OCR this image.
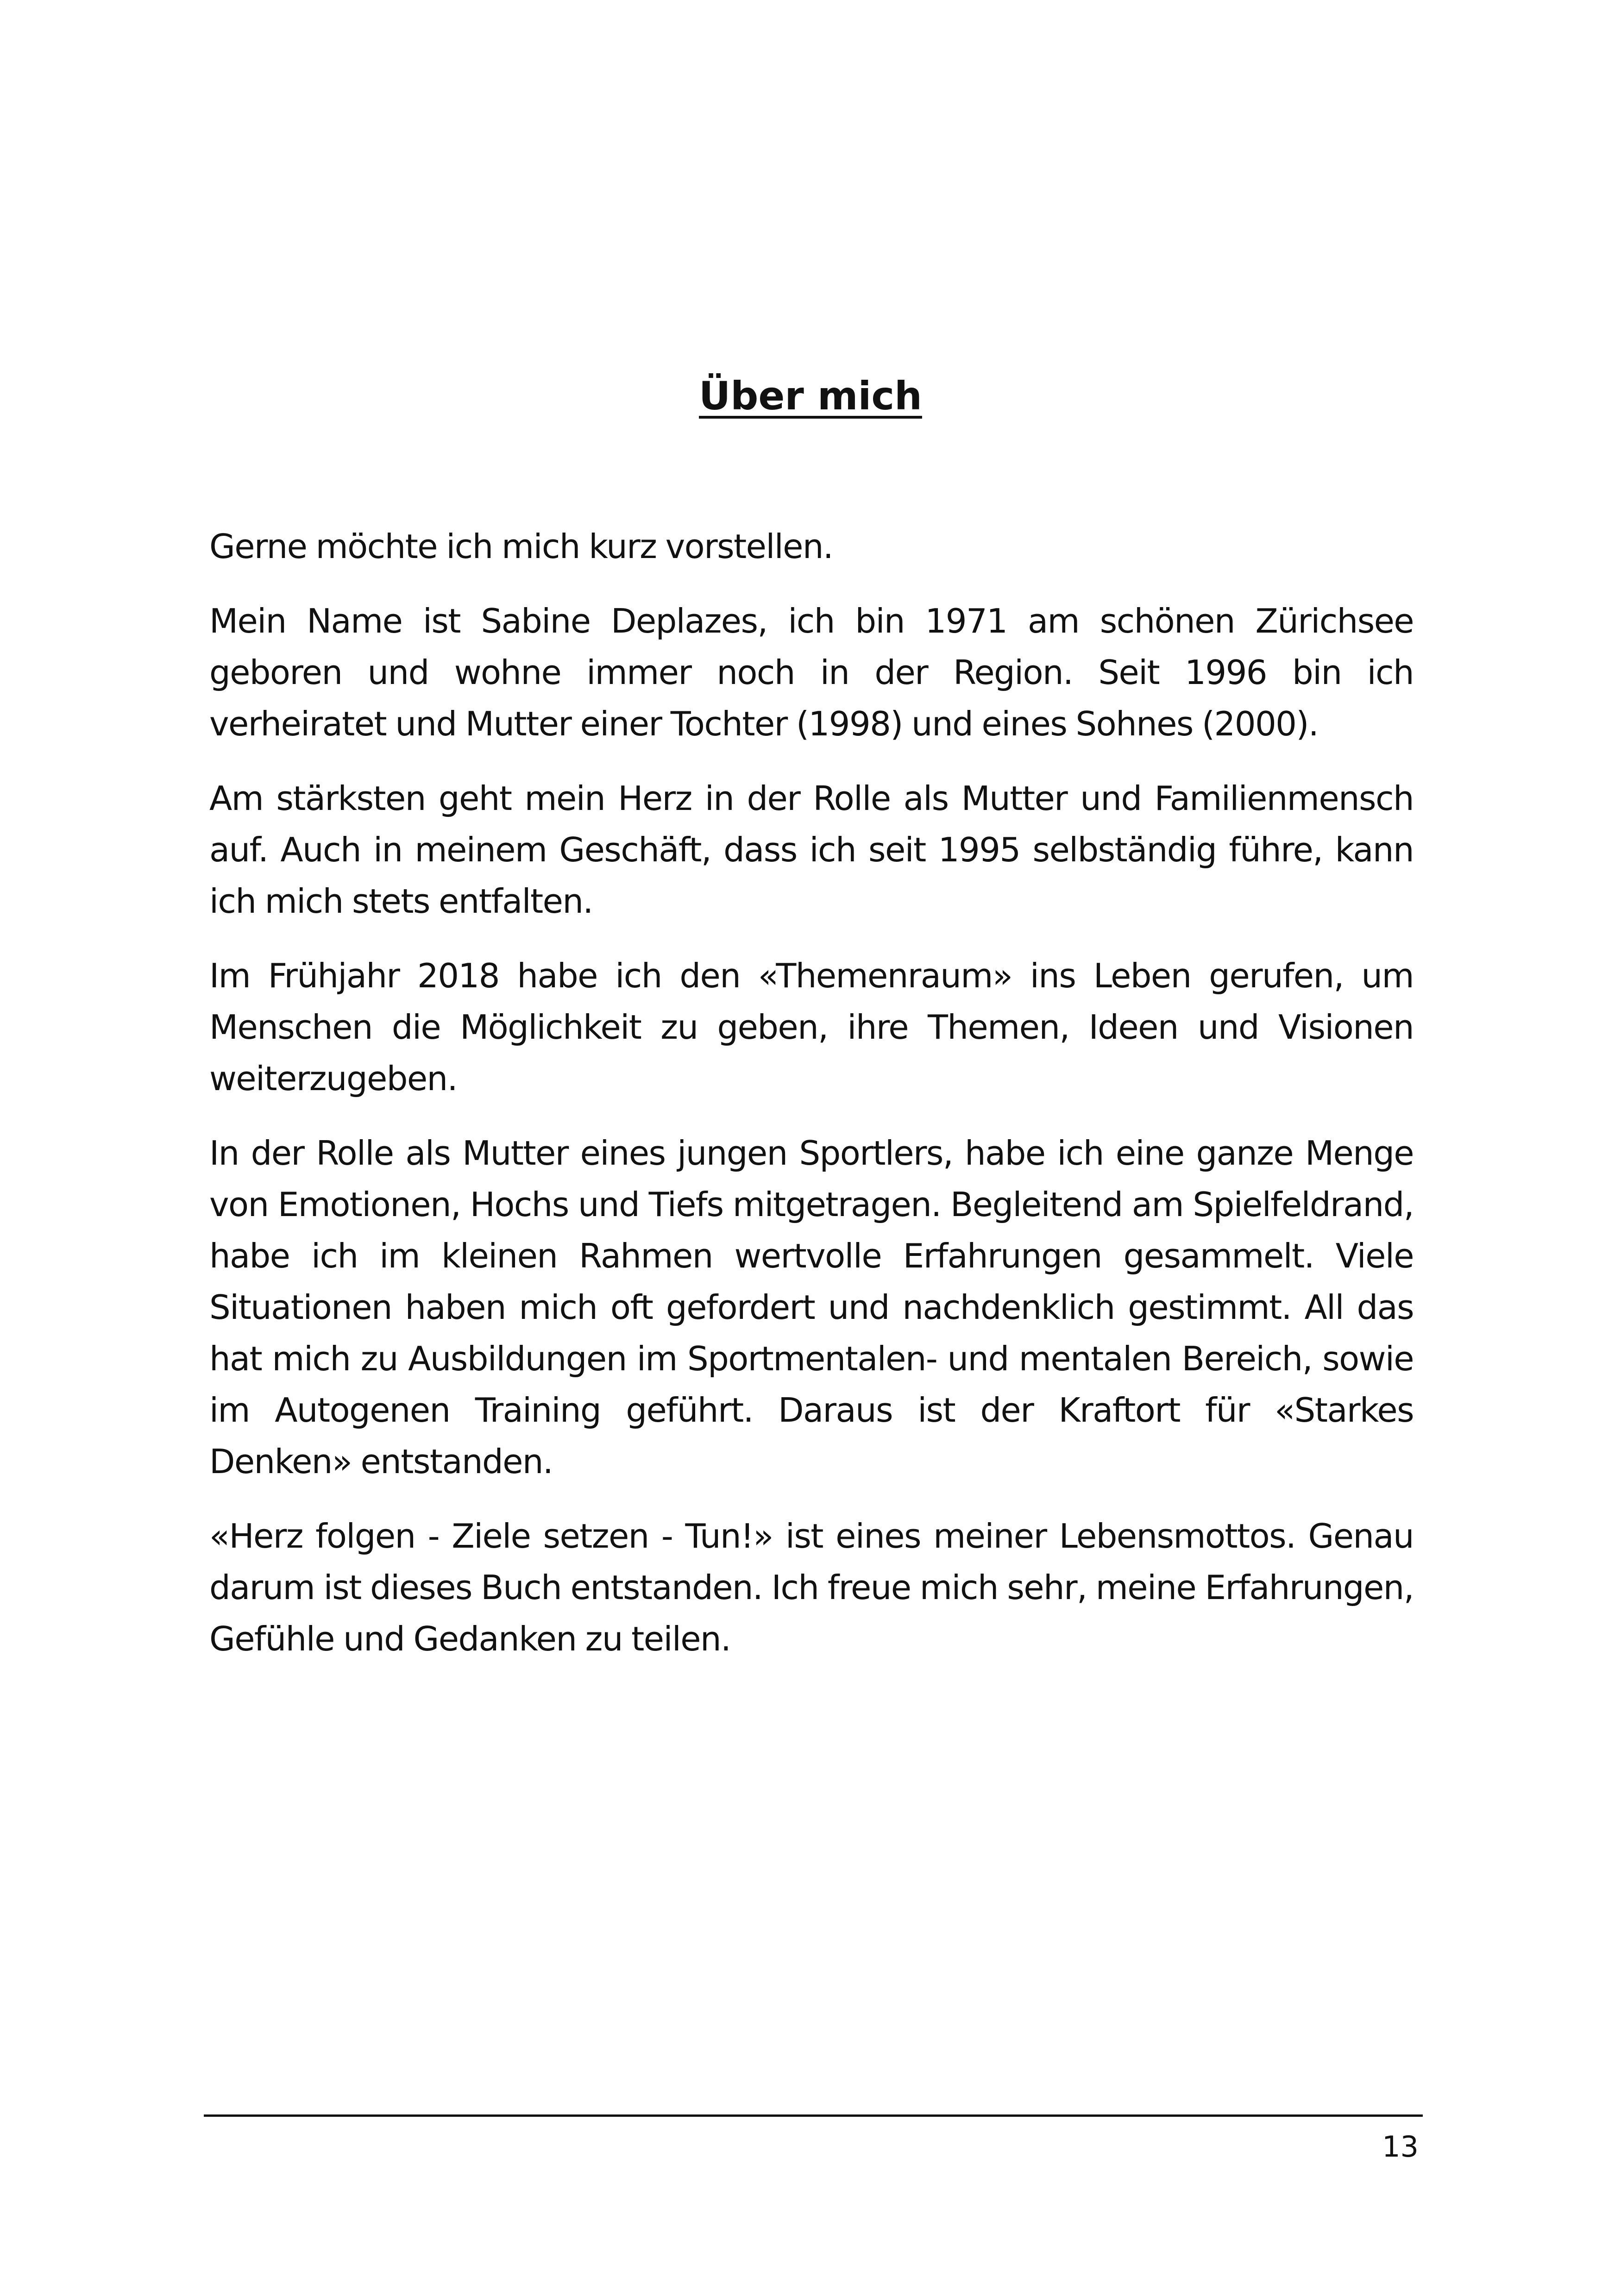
Über mich

Gerne möchte ich mich kurz vorstellen.

Mein Name ist Sabine Deplazes, ich bin 1971 am schönen Zürichsee geboren und wohne immer noch in der Region. Seit 1996 bin ich verheiratet und Mutter einer Tochter (1998) und eines Sohnes (2000).

Am stärksten geht mein Herz in der Rolle als Mutter und Familienmensch auf. Auch in meinem Geschäft, dass ich seit 1995 selbständig führe, kann ich mich stets entfalten.

Im Frühjahr 2018 habe ich den «Themenraum» ins Leben gerufen, um Menschen die Möglichkeit zu geben, ihre Themen, Ideen und Visionen weiterzugeben.

In der Rolle als Mutter eines jungen Sportlers, habe ich eine ganze Menge von Emotionen, Hochs und Tiefs mitgetragen. Begleitend am Spielfeldrand, habe ich im kleinen Rahmen wertvolle Erfahrungen gesammelt. Viele Situationen haben mich oft gefordert und nachdenklich gestimmt. All das hat mich zu Ausbildungen im Sportmentalen- und mentalen Bereich, sowie im Autogenen Training geführt. Daraus ist der Kraftort für «Starkes Denken» entstanden.

«Herz folgen - Ziele setzen - Tun!» ist eines meiner Lebensmottos. Genau darum ist dieses Buch entstanden. Ich freue mich sehr, meine Erfahrungen, Gefühle und Gedanken zu teilen.

13
